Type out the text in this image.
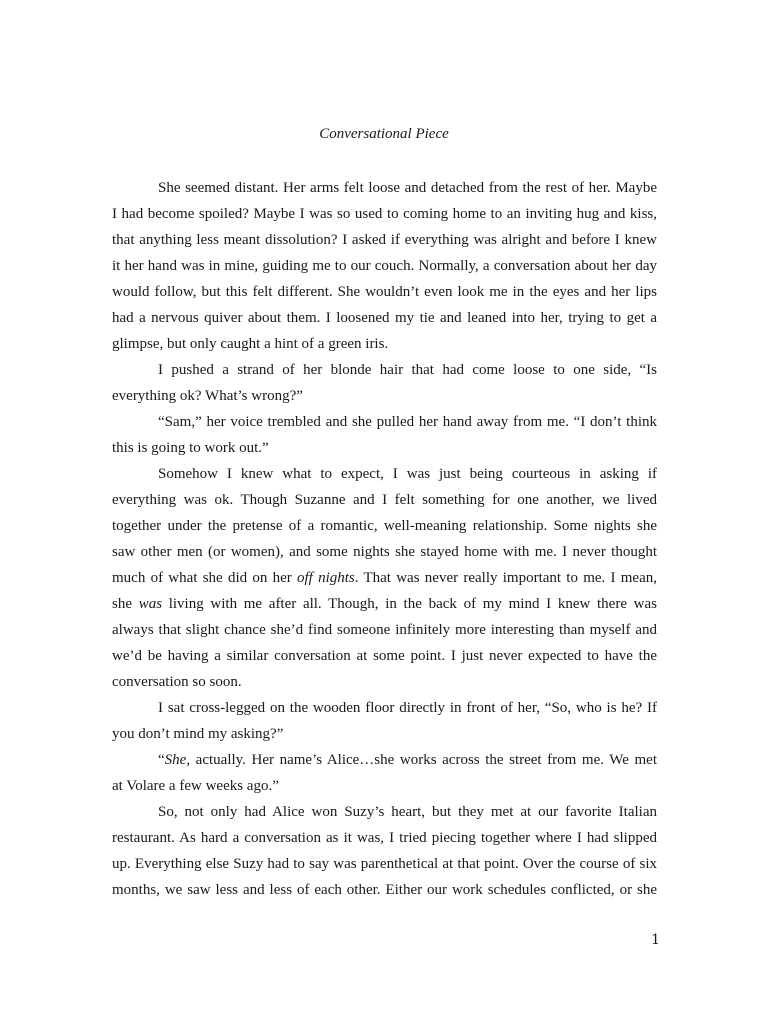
Conversational Piece
She seemed distant. Her arms felt loose and detached from the rest of her. Maybe
I had become spoiled? Maybe I was so used to coming home to an inviting hug and kiss,
that anything less meant dissolution? I asked if everything was alright and before I knew
it her hand was in mine, guiding me to our couch. Normally, a conversation about her day
would follow, but this felt different. She wouldn’t even look me in the eyes and her lips
had a nervous quiver about them. I loosened my tie and leaned into her, trying to get a
glimpse, but only caught a hint of a green iris.
I pushed a strand of her blonde hair that had come loose to one side, “Is
everything ok? What’s wrong?”
“Sam,” her voice trembled and she pulled her hand away from me. “I don’t think
this is going to work out.”
Somehow I knew what to expect, I was just being courteous in asking if
everything was ok. Though Suzanne and I felt something for one another, we lived
together under the pretense of a romantic, well-meaning relationship. Some nights she
saw other men (or women), and some nights she stayed home with me. I never thought
much of what she did on her off nights. That was never really important to me. I mean,
she was living with me after all. Though, in the back of my mind I knew there was
always that slight chance she’d find someone infinitely more interesting than myself and
we’d be having a similar conversation at some point. I just never expected to have the
conversation so soon.
I sat cross-legged on the wooden floor directly in front of her, “So, who is he? If
you don’t mind my asking?”
“She, actually. Her name’s Alice…she works across the street from me. We met
at Volare a few weeks ago.”
So, not only had Alice won Suzy’s heart, but they met at our favorite Italian
restaurant. As hard a conversation as it was, I tried piecing together where I had slipped
up. Everything else Suzy had to say was parenthetical at that point. Over the course of six
months, we saw less and less of each other. Either our work schedules conflicted, or she
1
